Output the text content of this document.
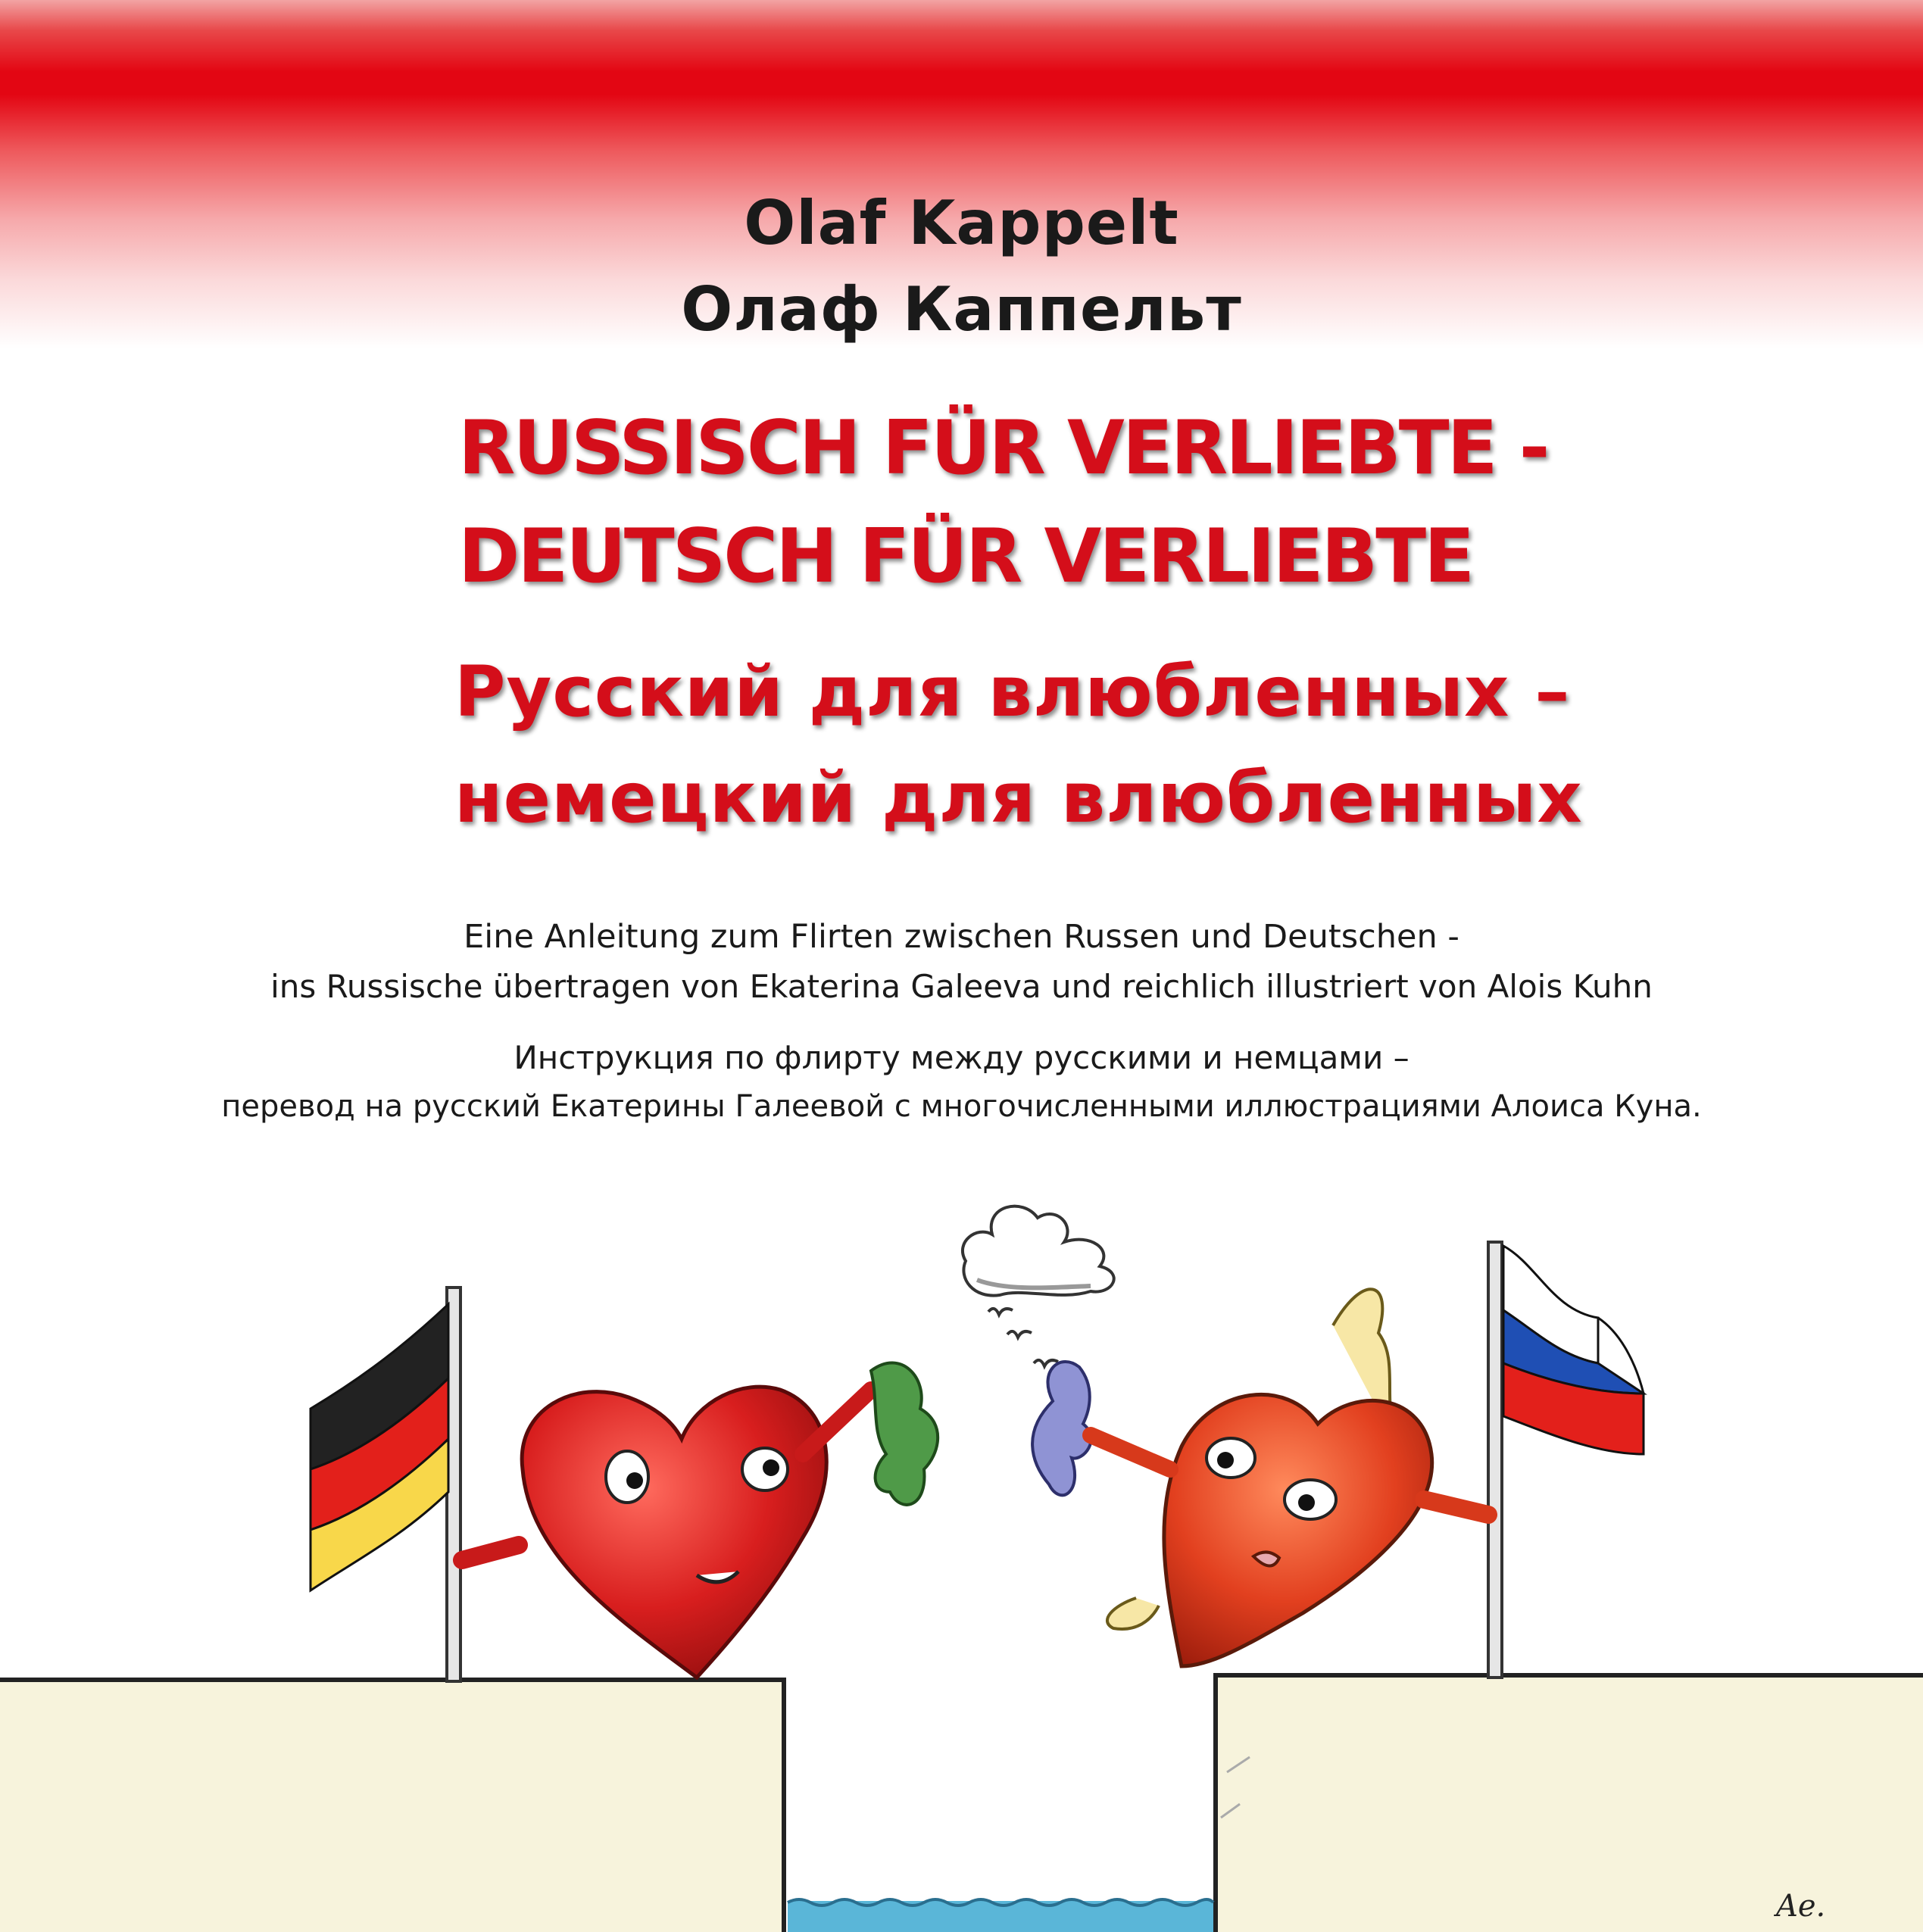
Olaf Kappelt
Олаф Каппельт
RUSSISCH FÜR VERLIEBTE -
DEUTSCH FÜR VERLIEBTE
Русский для влюбленных –
немецкий для влюбленных
Eine Anleitung zum Flirten zwischen Russen und Deutschen -
ins Russische übertragen von Ekaterina Galeeva und reichlich illustriert von Alois Kuhn
Инструкция по флирту между русскими и немцами –
перевод на русский Екатерины Галеевой с многочисленными иллюстрациями Алоиса Куна.
Ae.
